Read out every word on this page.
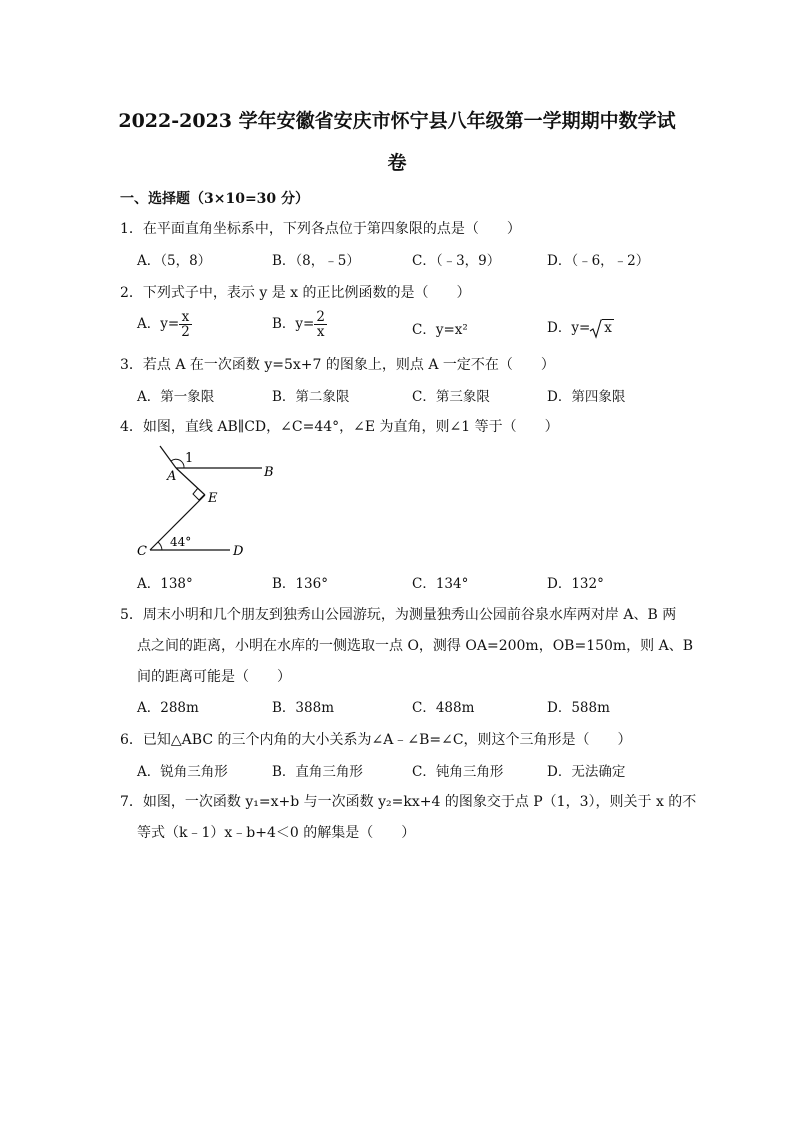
2022-2023 学年安徽省安庆市怀宁县八年级第一学期期中数学试
卷
一、选择题（3×10=30 分）
1．在平面直角坐标系中，下列各点位于第四象限的点是（　　）
A．（5，8）	B．（8，﹣5）	C．（﹣3，9）	D．（﹣6，﹣2）
2．下列式子中，表示 y 是 x 的正比例函数的是（　　）
A．$y= \frac{x}{2}$	B．$y= \frac{2}{x}$	C．y=x²	D．y= x
3．若点 A 在一次函数 y=5x+7 的图象上，则点 A 一定不在（　　）
A．第一象限	B．第二象限	C．第三象限	D．第四象限
4．如图，直线 AB∥CD，∠C=44°，∠E 为直角，则∠1 等于（　　）
1
A	B
E
C	D
44°
A．138°	B．136°	C．134°	D．132°
5．周末小明和几个朋友到独秀山公园游玩，为测量独秀山公园前谷泉水库两对岸 A、B 两
点之间的距离，小明在水库的一侧选取一点 O，测得 OA=200m，OB=150m，则 A、B
间的距离可能是（　　）
A．288m	B．388m	C．488m	D．588m
6．已知△ABC 的三个内角的大小关系为∠A﹣∠B=∠C，则这个三角形是（　　）
A．锐角三角形	B．直角三角形	C．钝角三角形	D．无法确定
7．如图，一次函数 y₁=x+b 与一次函数 y₂=kx+4 的图象交于点 P（1，3），则关于 x 的不
等式（k﹣1）x﹣b+4＜0 的解集是（　　）
